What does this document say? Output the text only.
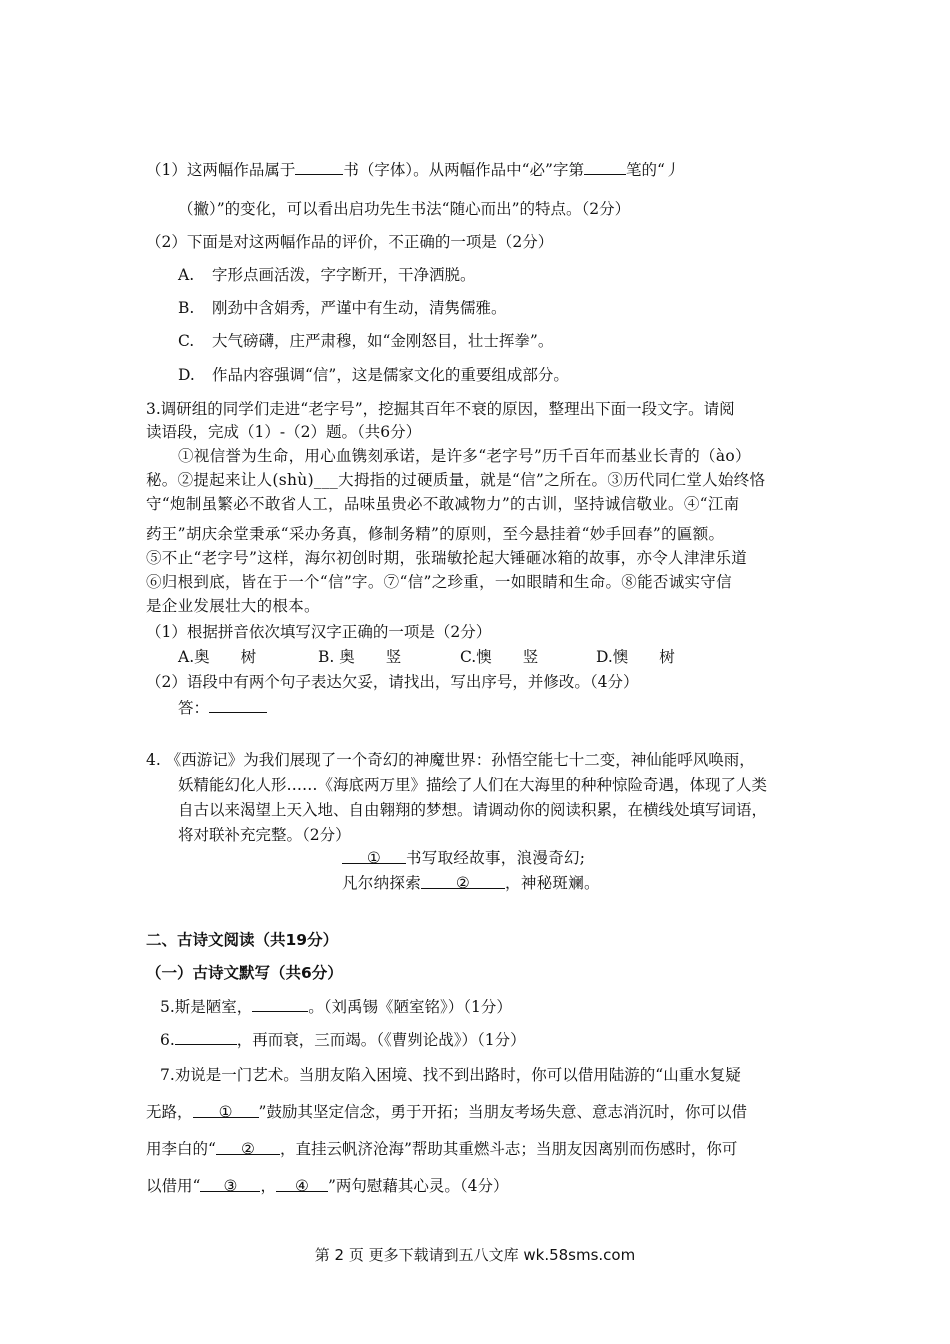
（1）这两幅作品属于	书（字体）。从两幅作品中“必”字第	笔的“丿
（撇）”的变化，可以看出启功先生书法“随心而出”的特点。（2分）
（2）下面是对这两幅作品的评价，不正确的一项是（2分）
A. 字形点画活泼，字字断开，干净洒脱。
B. 刚劲中含娟秀，严谨中有生动，清隽儒雅。
C. 大气磅礴，庄严肃穆，如“金刚怒目，壮士挥拳”。
D. 作品内容强调“信”，这是儒家文化的重要组成部分。
3.调研组的同学们走进“老字号”，挖掘其百年不衰的原因，整理出下面一段文字。请阅
读语段，完成（1）-（2）题。（共6分）
①视信誉为生命，用心血镌刻承诺，是许多“老字号”历千百年而基业长青的（ào）
秘。②提起来让人(shù)___大拇指的过硬质量，就是“信”之所在。③历代同仁堂人始终恪
守“炮制虽繁必不敢省人工，品味虽贵必不敢减物力”的古训，坚持诚信敬业。④“江南
药王”胡庆余堂秉承“采办务真，修制务精”的原则，至今悬挂着“妙手回春”的匾额。
⑤不止“老字号”这样，海尔初创时期，张瑞敏抡起大锤砸冰箱的故事，亦令人津津乐道
⑥归根到底，皆在于一个“信”字。⑦“信”之珍重，一如眼睛和生命。⑧能否诚实守信
是企业发展壮大的根本。
（1）根据拼音依次填写汉字正确的一项是（2分）
A.奥　　树	B. 奥　　竖	C.懊　　竖	D.懊　　树
（2）语段中有两个句子表达欠妥，请找出，写出序号，并修改。（4分）
答：
4. 《西游记》为我们展现了一个奇幻的神魔世界：孙悟空能七十二变，神仙能呼风唤雨，
妖精能幻化人形……《海底两万里》描绘了人们在大海里的种种惊险奇遇，体现了人类
自古以来渴望上天入地、自由翱翔的梦想。请调动你的阅读积累，在横线处填写词语，
将对联补充完整。（2分）
① 书写取经故事，浪漫奇幻;
凡尔纳探索 ② ，神秘斑斓。
二、古诗文阅读（共19分）
（一）古诗文默写（共6分）
5.斯是陋室，	。（刘禹锡《陋室铭》）（1分）
6.	，再而衰，三而竭。（《曹刿论战》）（1分）
7.劝说是一门艺术。当朋友陷入困境、找不到出路时，你可以借用陆游的“山重水复疑
无路， ① ”鼓励其坚定信念，勇于开拓；当朋友考场失意、意志消沉时，你可以借
用李白的“ ② ，直挂云帆济沧海”帮助其重燃斗志；当朋友因离别而伤感时，你可
以借用“ ③ ， ④ ”两句慰藉其心灵。（4分）
第 2 页 更多下载请到五八文库 wk.58sms.com
